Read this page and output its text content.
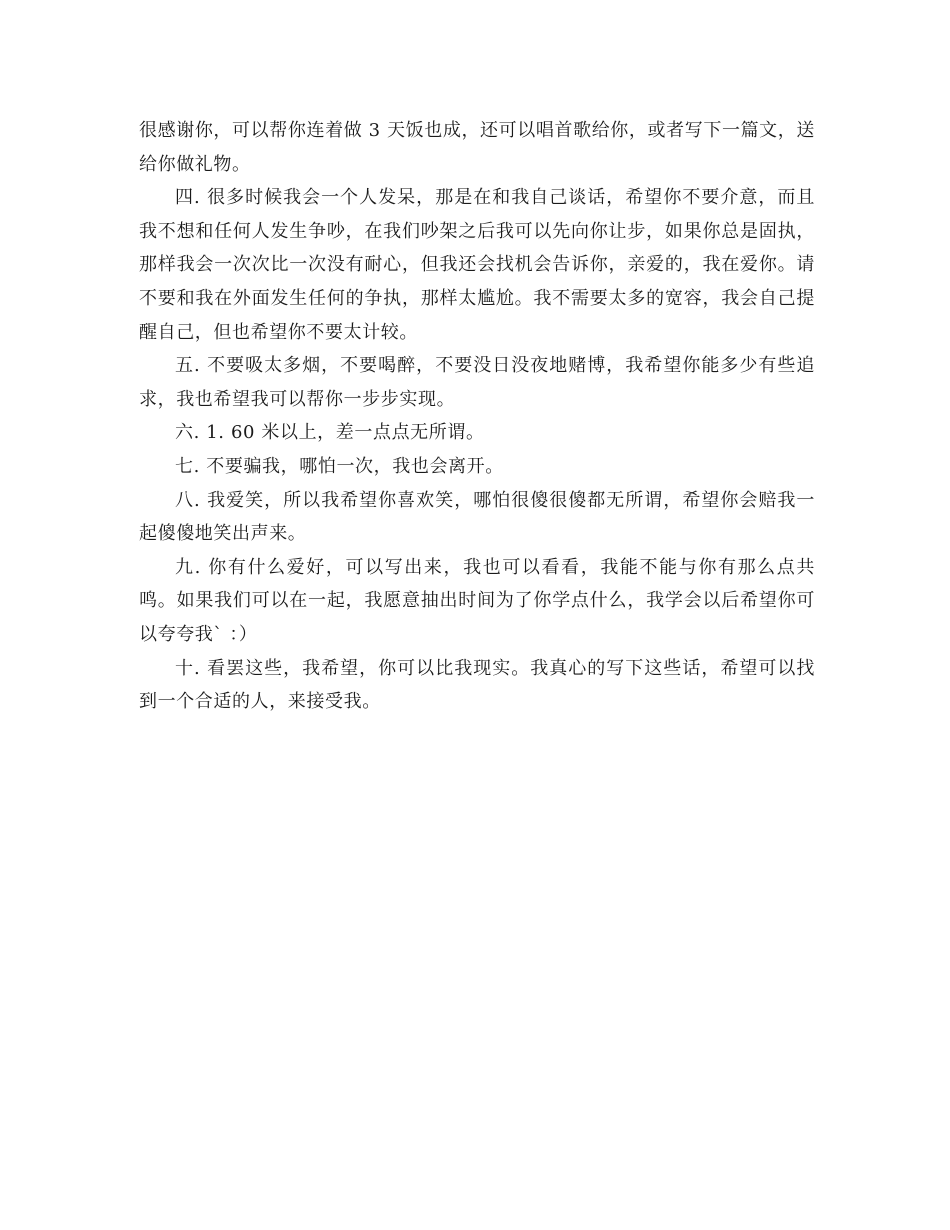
很感谢你，可以帮你连着做 3 天饭也成，还可以唱首歌给你，或者写下一篇文，送给你做礼物。

四. 很多时候我会一个人发呆，那是在和我自己谈话，希望你不要介意，而且我不想和任何人发生争吵，在我们吵架之后我可以先向你让步，如果你总是固执，那样我会一次次比一次没有耐心，但我还会找机会告诉你，亲爱的，我在爱你。请不要和我在外面发生任何的争执，那样太尴尬。我不需要太多的宽容，我会自己提醒自己，但也希望你不要太计较。

五. 不要吸太多烟，不要喝醉，不要没日没夜地赌博，我希望你能多少有些追求，我也希望我可以帮你一步步实现。

六. 1. 60 米以上，差一点点无所谓。

七. 不要骗我，哪怕一次，我也会离开。

八. 我爱笑，所以我希望你喜欢笑，哪怕很傻很傻都无所谓，希望你会赔我一起傻傻地笑出声来。

九. 你有什么爱好，可以写出来，我也可以看看，我能不能与你有那么点共鸣。如果我们可以在一起，我愿意抽出时间为了你学点什么，我学会以后希望你可以夸夸我ˋ ：）

十. 看罢这些，我希望，你可以比我现实。我真心的写下这些话，希望可以找到一个合适的人，来接受我。
